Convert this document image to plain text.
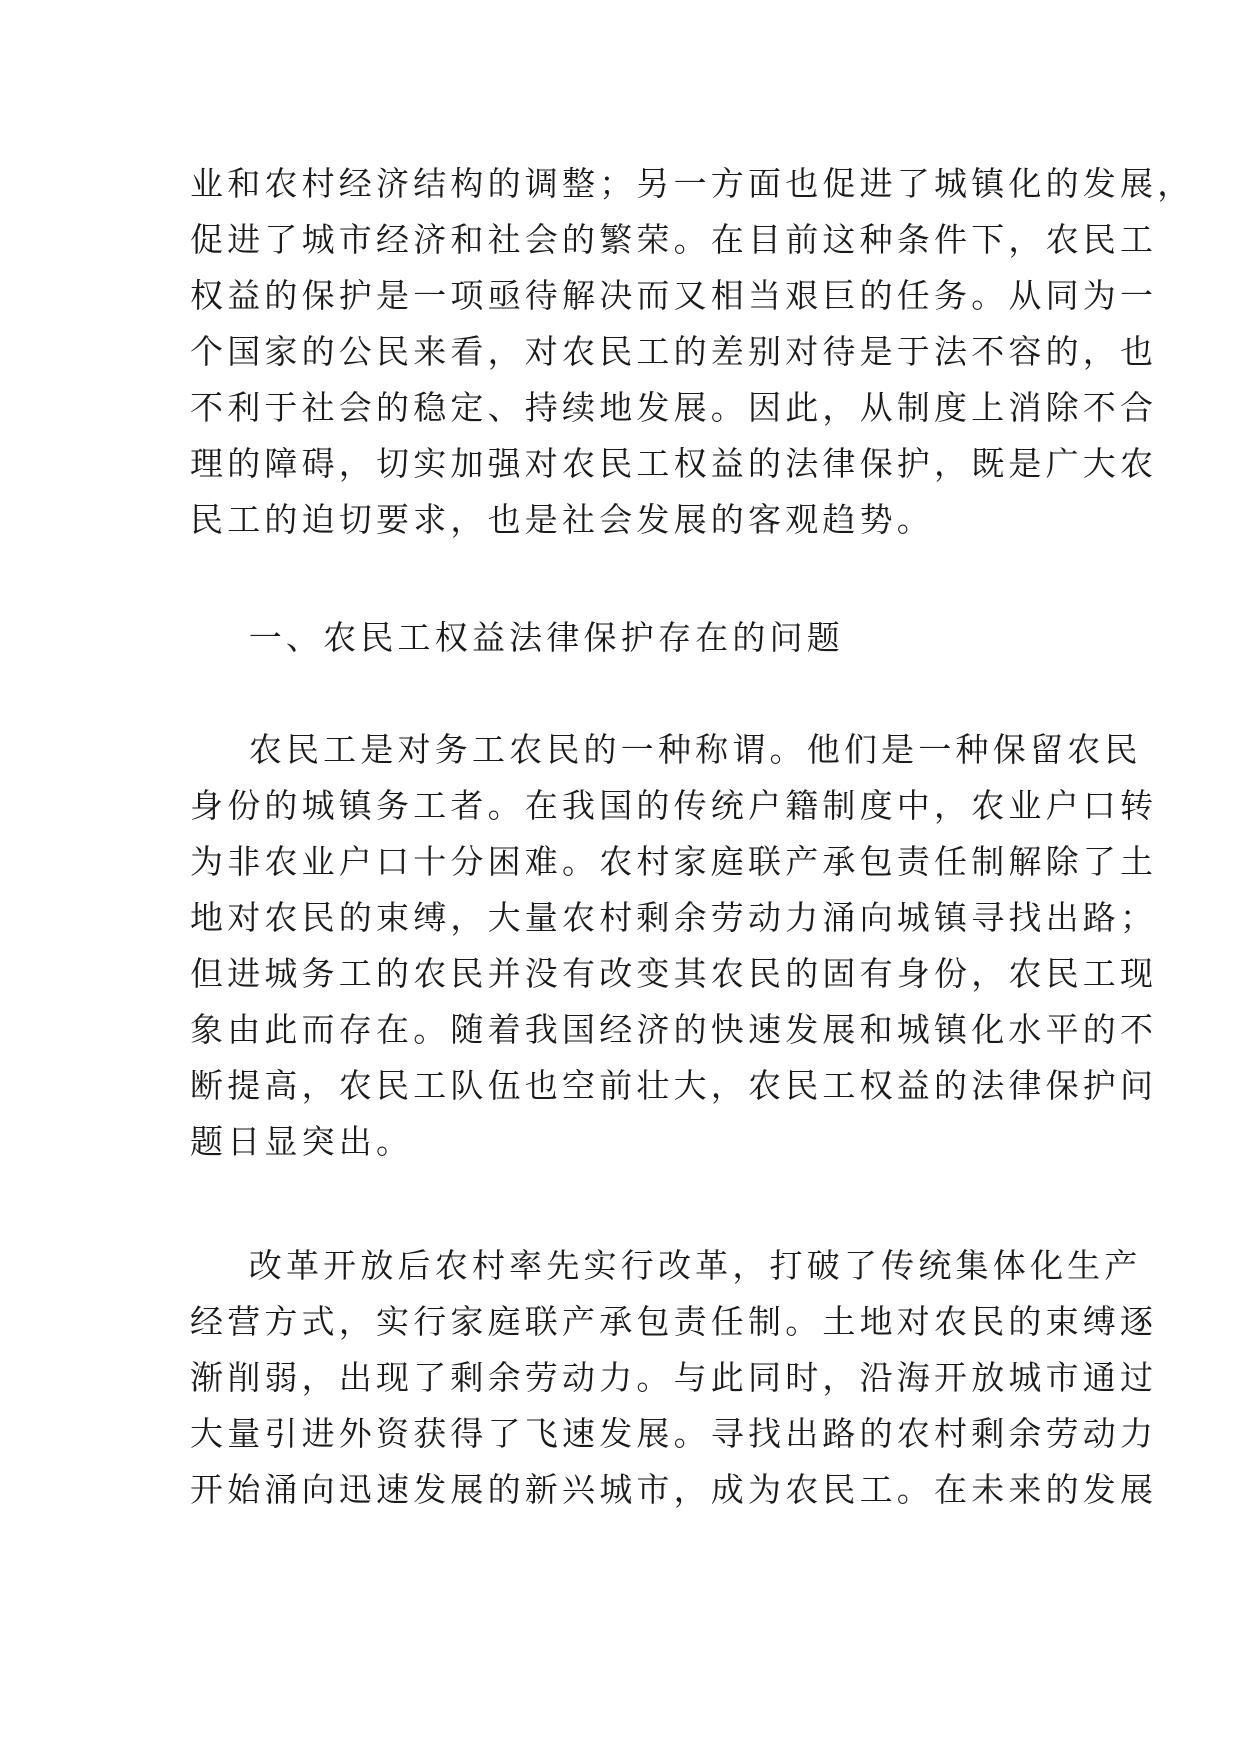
业和农村经济结构的调整；另一方面也促进了城镇化的发展，
促进了城市经济和社会的繁荣。在目前这种条件下，农民工
权益的保护是一项亟待解决而又相当艰巨的任务。从同为一
个国家的公民来看，对农民工的差别对待是于法不容的，也
不利于社会的稳定、持续地发展。因此，从制度上消除不合
理的障碍，切实加强对农民工权益的法律保护，既是广大农
民工的迫切要求，也是社会发展的客观趋势。
一、农民工权益法律保护存在的问题
农民工是对务工农民的一种称谓。他们是一种保留农民
身份的城镇务工者。在我国的传统户籍制度中，农业户口转
为非农业户口十分困难。农村家庭联产承包责任制解除了土
地对农民的束缚，大量农村剩余劳动力涌向城镇寻找出路；
但进城务工的农民并没有改变其农民的固有身份，农民工现
象由此而存在。随着我国经济的快速发展和城镇化水平的不
断提高，农民工队伍也空前壮大，农民工权益的法律保护问
题日显突出。
改革开放后农村率先实行改革，打破了传统集体化生产
经营方式，实行家庭联产承包责任制。土地对农民的束缚逐
渐削弱，出现了剩余劳动力。与此同时，沿海开放城市通过
大量引进外资获得了飞速发展。寻找出路的农村剩余劳动力
开始涌向迅速发展的新兴城市，成为农民工。在未来的发展
